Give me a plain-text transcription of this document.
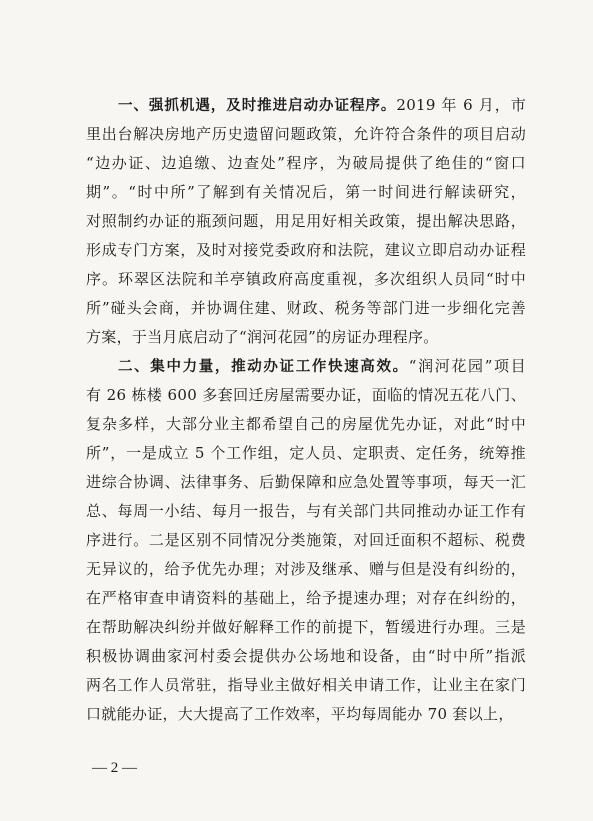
一、强抓机遇，及时推进启动办证程序。2019 年 6 月，市
里出台解决房地产历史遗留问题政策，允许符合条件的项目启动
“边办证、边追缴、边查处”程序，为破局提供了绝佳的“窗口
期”。“时中所”了解到有关情况后，第一时间进行解读研究，
对照制约办证的瓶颈问题，用足用好相关政策，提出解决思路，
形成专门方案，及时对接党委政府和法院，建议立即启动办证程
序。环翠区法院和羊亭镇政府高度重视，多次组织人员同“时中
所”碰头会商，并协调住建、财政、税务等部门进一步细化完善
方案，于当月底启动了“润河花园”的房证办理程序。
二、集中力量，推动办证工作快速高效。“润河花园”项目
有 26 栋楼 600 多套回迁房屋需要办证，面临的情况五花八门、
复杂多样，大部分业主都希望自己的房屋优先办证，对此“时中
所”，一是成立 5 个工作组，定人员、定职责、定任务，统筹推
进综合协调、法律事务、后勤保障和应急处置等事项，每天一汇
总、每周一小结、每月一报告，与有关部门共同推动办证工作有
序进行。二是区别不同情况分类施策，对回迁面积不超标、税费
无异议的，给予优先办理；对涉及继承、赠与但是没有纠纷的，
在严格审查申请资料的基础上，给予提速办理；对存在纠纷的，
在帮助解决纠纷并做好解释工作的前提下，暂缓进行办理。三是
积极协调曲家河村委会提供办公场地和设备，由“时中所”指派
两名工作人员常驻，指导业主做好相关申请工作，让业主在家门
口就能办证，大大提高了工作效率，平均每周能办 70 套以上，
— 2 —
